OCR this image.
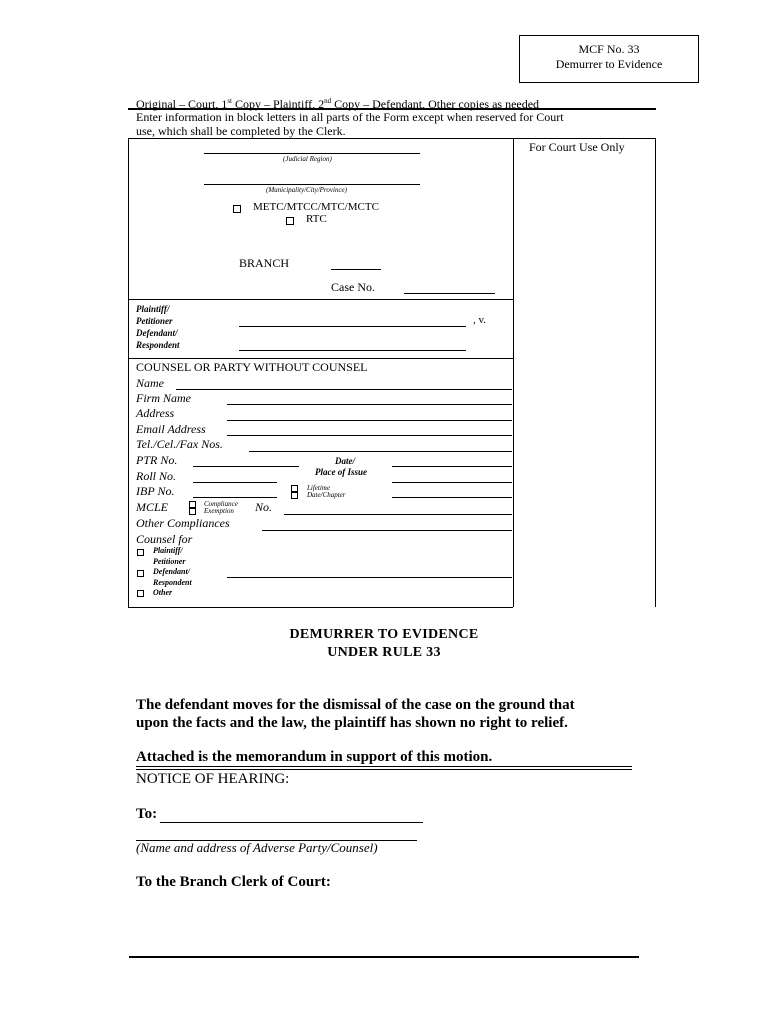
MCF No. 33
Demurrer to Evidence
Original – Court, 1st Copy – Plaintiff, 2nd Copy – Defendant, Other copies as needed
Enter information in block letters in all parts of the Form except when reserved for Court
use, which shall be completed by the Clerk.
For Court Use Only
(Judicial Region)
(Municipality/City/Province)
METC/MTCC/MTC/MCTC
RTC
BRANCH
Case No.
Plaintiff/
Petitioner
Defendant/
Respondent
, v.
COUNSEL OR PARTY WITHOUT COUNSEL
Name
Firm Name
Address
Email Address
Tel./Cel./Fax Nos.
PTR No.	Date/
Place of Issue
Roll No.
IBP No.	Lifetime
Date/Chapter
MCLE	Compliance
Exemption No.
Other Compliances
Counsel for
Plaintiff/
Petitioner
Defendant/
Respondent
Other
DEMURRER TO EVIDENCE
UNDER RULE 33
The defendant moves for the dismissal of the case on the ground that
upon the facts and the law, the plaintiff has shown no right to relief.
Attached is the memorandum in support of this motion.
NOTICE OF HEARING:
To:
(Name and address of Adverse Party/Counsel)
To the Branch Clerk of Court:
